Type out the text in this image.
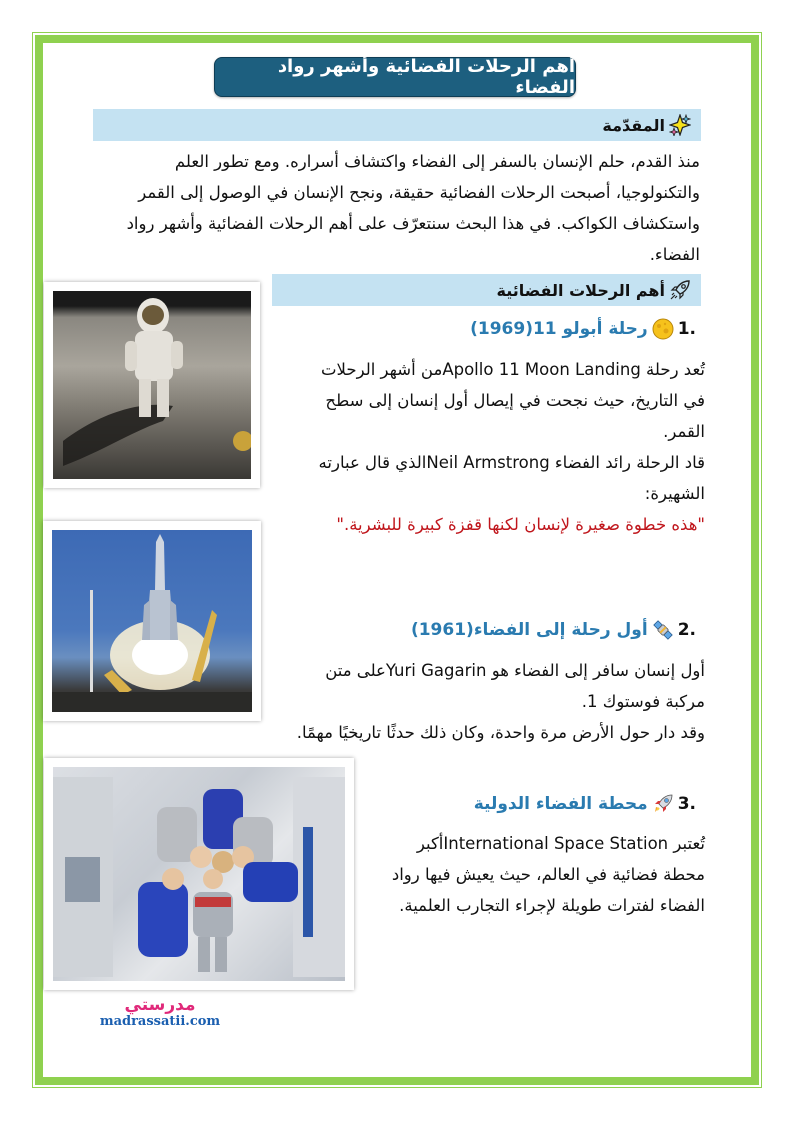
أهم الرحلات الفضائية وأشهر رواد الفضاء
المقدّمة
منذ القدم، حلم الإنسان بالسفر إلى الفضاء واكتشاف أسراره. ومع تطور العلم
والتكنولوجيا، أصبحت الرحلات الفضائية حقيقة، ونجح الإنسان في الوصول إلى القمر
واستكشاف الكواكب. في هذا البحث سنتعرّف على أهم الرحلات الفضائية وأشهر رواد
الفضاء.
أهم الرحلات الفضائية
.1
رحلة أبولو 11(1969)
تُعد رحلة Apollo 11 Moon Landingمن أشهر الرحلات
في التاريخ، حيث نجحت في إيصال أول إنسان إلى سطح
القمر.
قاد الرحلة رائد الفضاء Neil Armstrongالذي قال عبارته
الشهيرة:
"هذه خطوة صغيرة لإنسان لكنها قفزة كبيرة للبشرية."
.2
أول رحلة إلى الفضاء(1961)
أول إنسان سافر إلى الفضاء هو Yuri Gagarinعلى متن
مركبة فوستوك 1.
وقد دار حول الأرض مرة واحدة، وكان ذلك حدثًا تاريخيًا مهمًا.
.3
محطة الفضاء الدولية
تُعتبر International Space Stationأكبر
محطة فضائية في العالم، حيث يعيش فيها رواد
الفضاء لفترات طويلة لإجراء التجارب العلمية.
مدرستي
madrassatii.com
